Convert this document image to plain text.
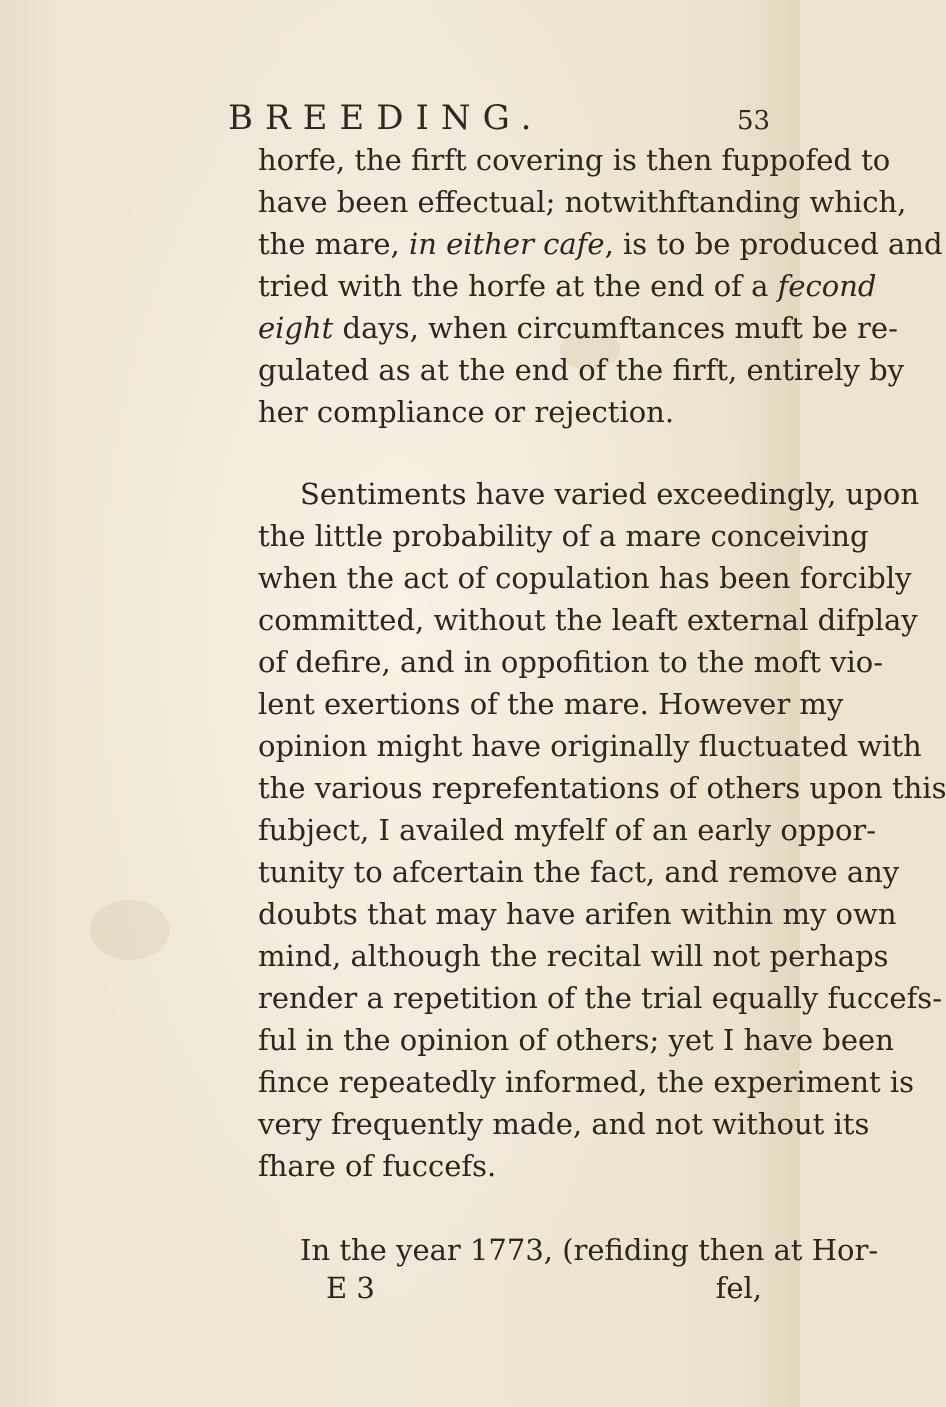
BREEDING.	53
horfe, the firft covering is then fuppofed to
have been effectual; notwithftanding which,
the mare, in either cafe, is to be produced and
tried with the horfe at the end of a fecond
eight days, when circumftances muft be re-
gulated as at the end of the firft, entirely by
her compliance or rejection.
Sentiments have varied exceedingly, upon
the little probability of a mare conceiving
when the act of copulation has been forcibly
committed, without the leaft external difplay
of defire, and in oppofition to the moft vio-
lent exertions of the mare. However my
opinion might have originally fluctuated with
the various reprefentations of others upon this
fubject, I availed myfelf of an early oppor-
tunity to afcertain the fact, and remove any
doubts that may have arifen within my own
mind, although the recital will not perhaps
render a repetition of the trial equally fuccefs-
ful in the opinion of others; yet I have been
fince repeatedly informed, the experiment is
very frequently made, and not without its
fhare of fuccefs.
In the year 1773, (refiding then at Hor-
E 3	fel,
